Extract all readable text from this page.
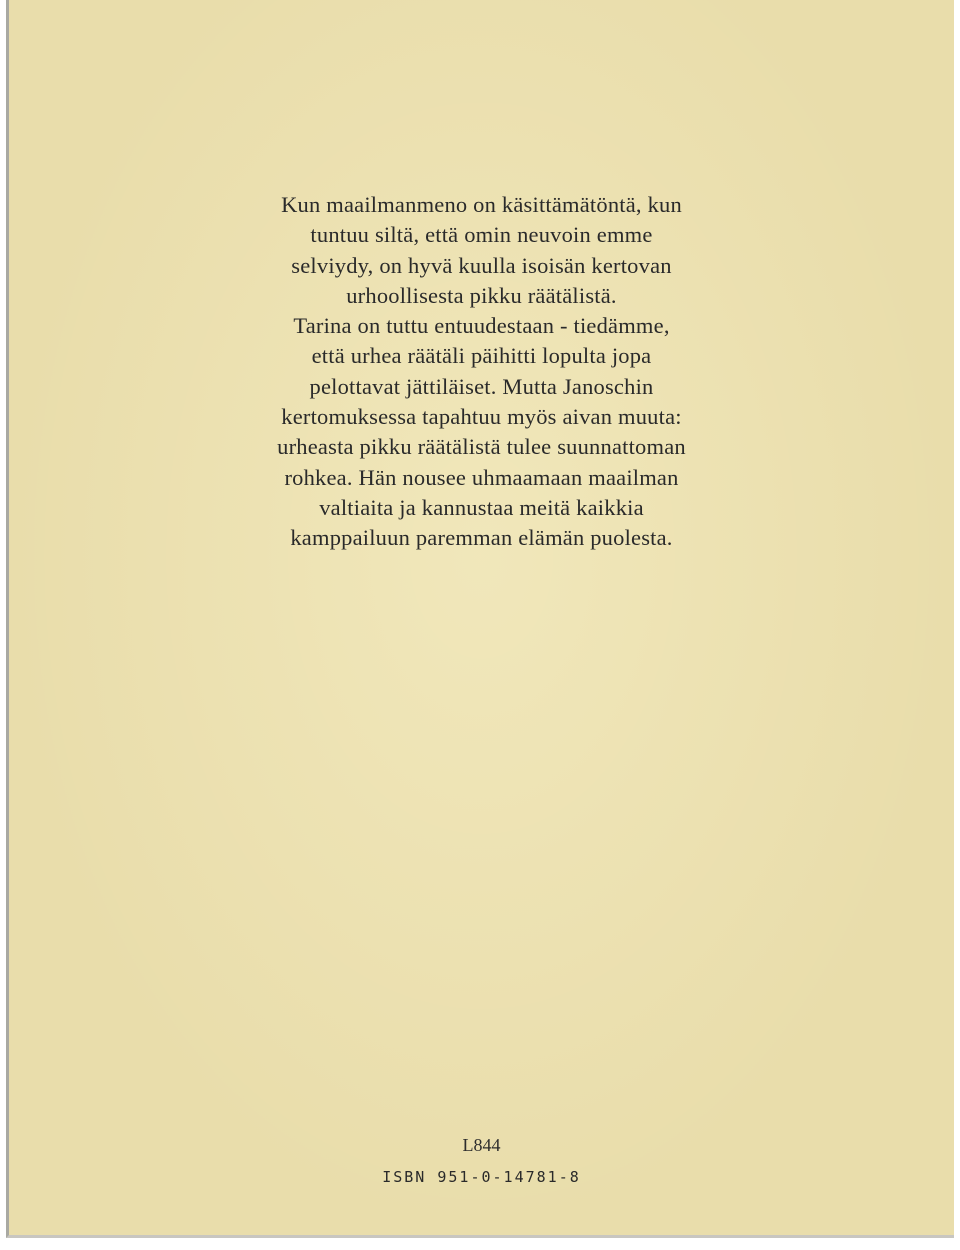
Kun maailmanmeno on käsittämätöntä, kun
tuntuu siltä, että omin neuvoin emme
selviydy, on hyvä kuulla isoisän kertovan
urhoollisesta pikku räätälistä.
Tarina on tuttu entuudestaan - tiedämme,
että urhea räätäli päihitti lopulta jopa
pelottavat jättiläiset. Mutta Janoschin
kertomuksessa tapahtuu myös aivan muuta:
urheasta pikku räätälistä tulee suunnattoman
rohkea. Hän nousee uhmaamaan maailman
valtiaita ja kannustaa meitä kaikkia
kamppailuun paremman elämän puolesta.
L844
ISBN 951-0-14781-8
